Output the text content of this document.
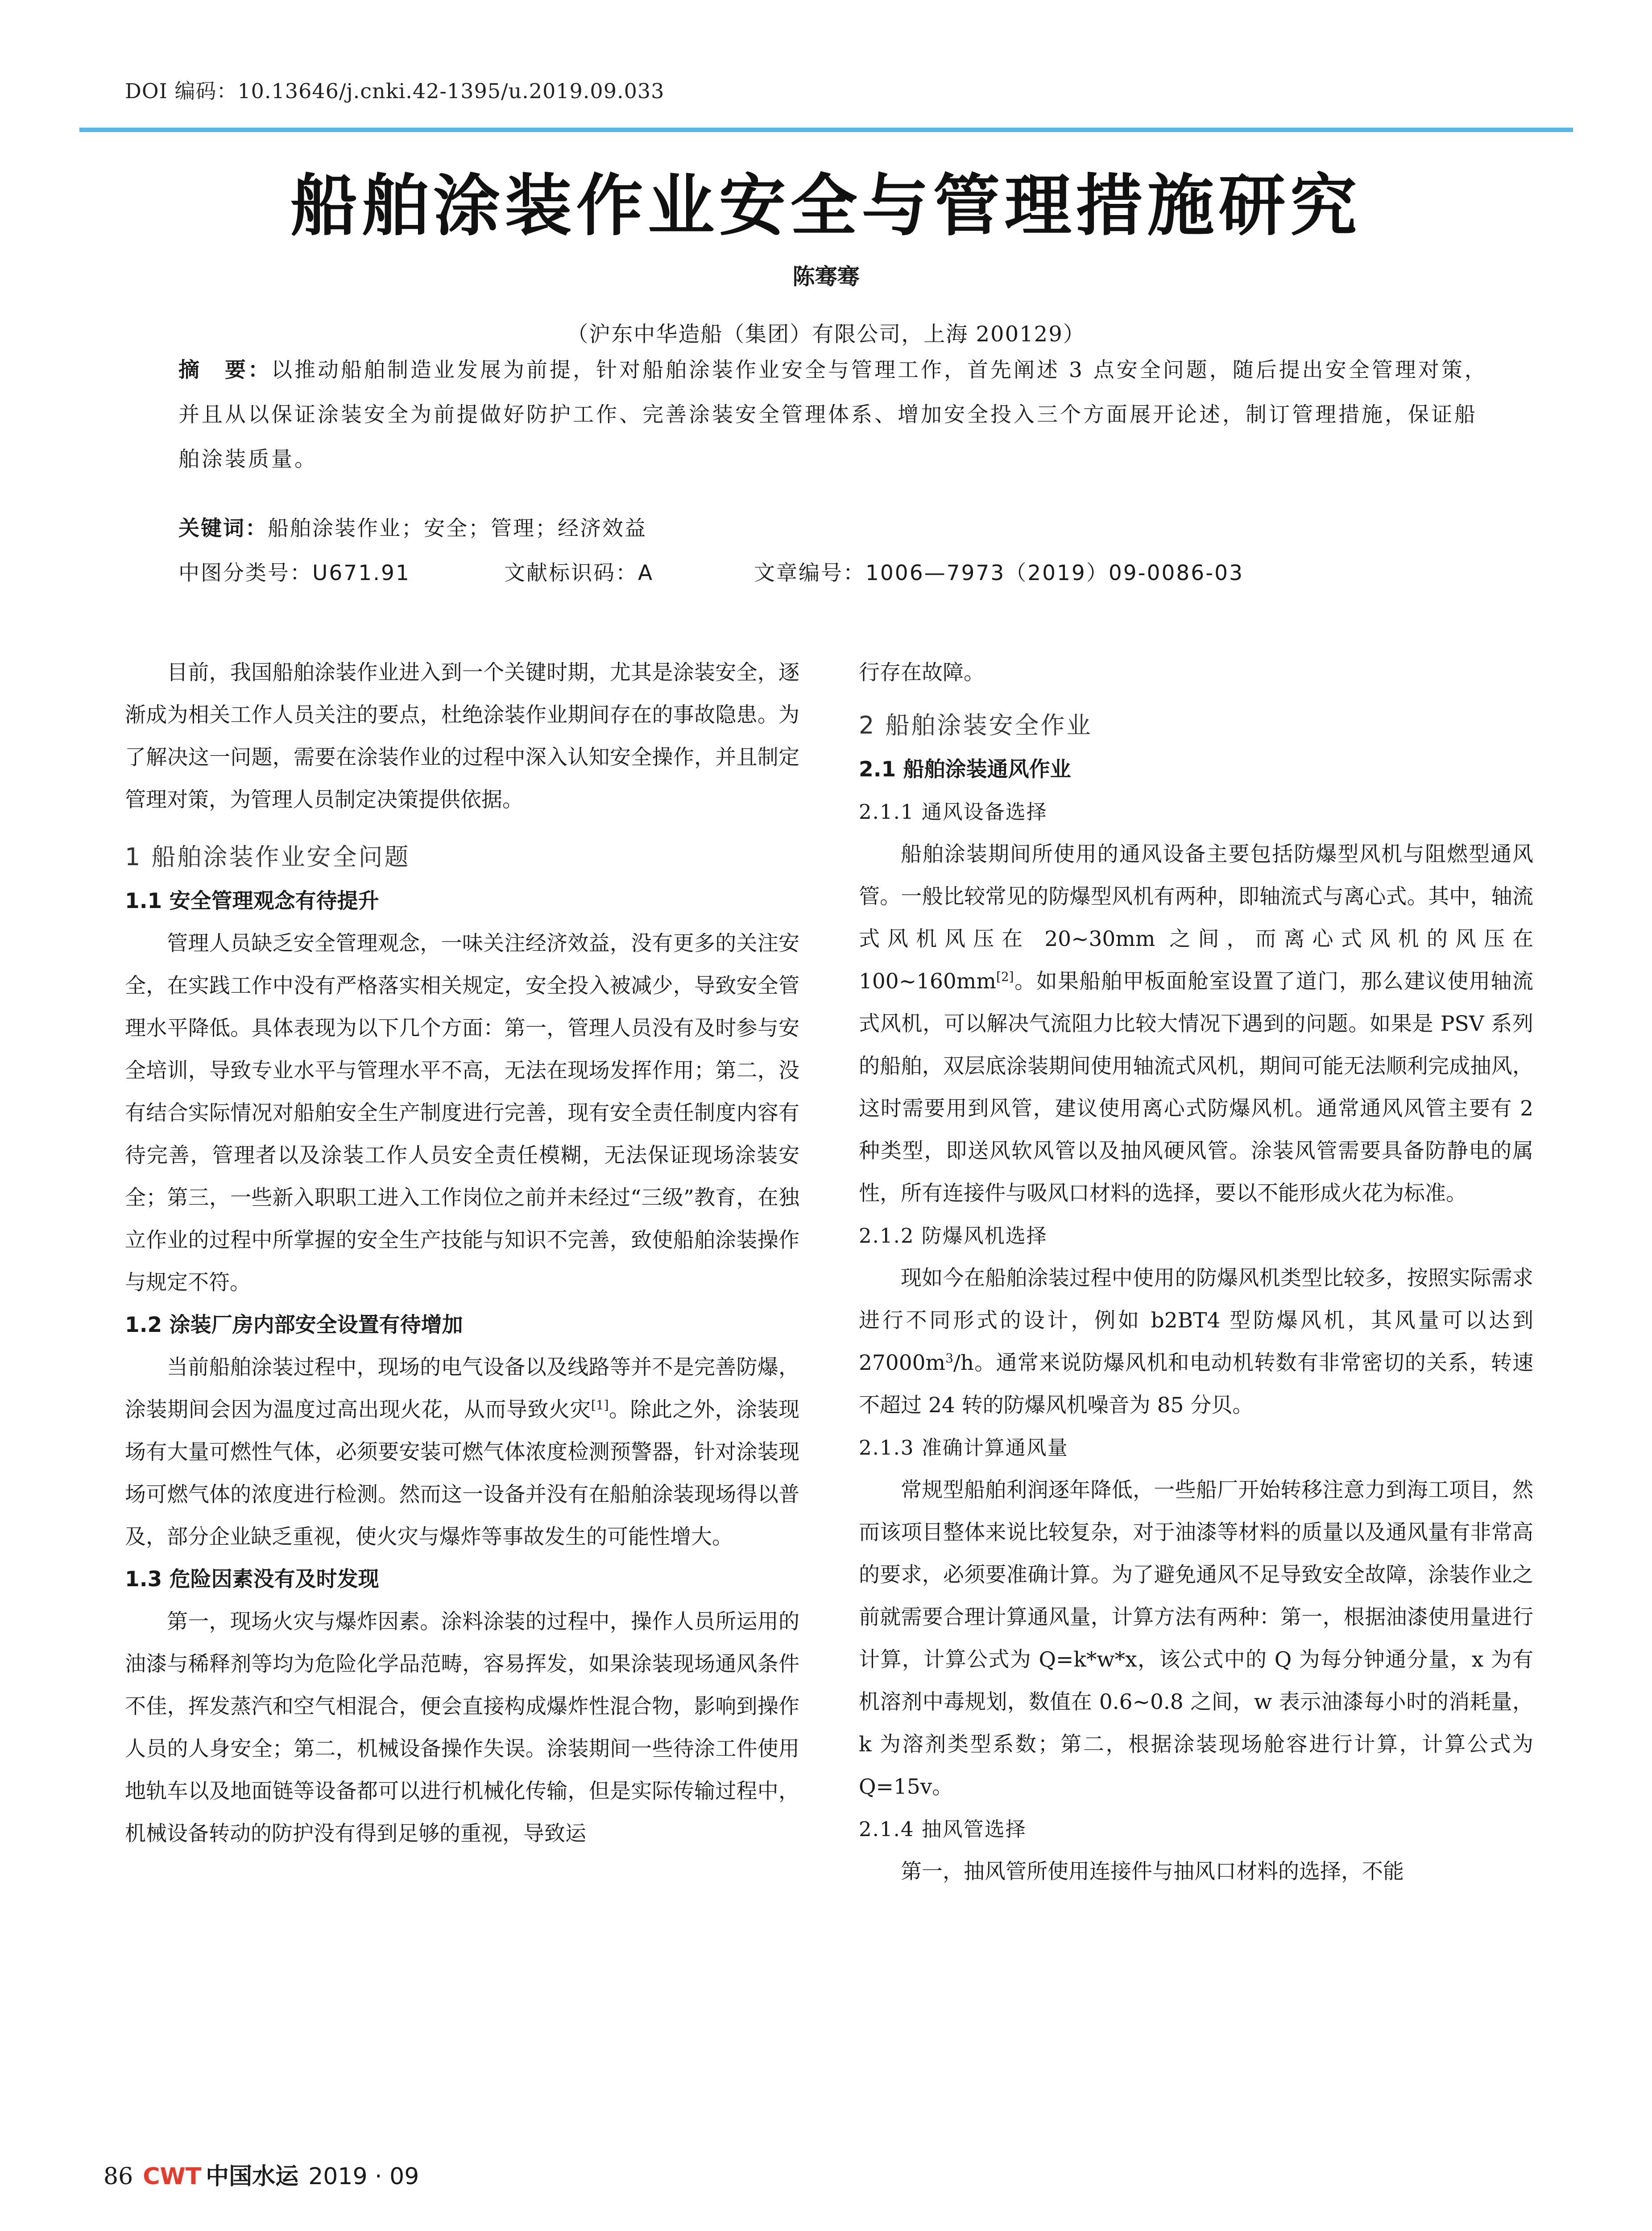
DOI 编码：10.13646/j.cnki.42-1395/u.2019.09.033
船舶涂装作业安全与管理措施研究
陈骞骞
（沪东中华造船（集团）有限公司，上海 200129）
摘　要：以推动船舶制造业发展为前提，针对船舶涂装作业安全与管理工作，首先阐述 3 点安全问题，随后提出安全管理对策，并且从以保证涂装安全为前提做好防护工作、完善涂装安全管理体系、增加安全投入三个方面展开论述，制订管理措施，保证船舶涂装质量。
关键词：船舶涂装作业；安全；管理；经济效益
中图分类号：U671.91	文献标识码：A	文章编号：1006—7973（2019）09-0086-03

目前，我国船舶涂装作业进入到一个关键时期，尤其是涂装安全，逐渐成为相关工作人员关注的要点，杜绝涂装作业期间存在的事故隐患。为了解决这一问题，需要在涂装作业的过程中深入认知安全操作，并且制定管理对策，为管理人员制定决策提供依据。

1 船舶涂装作业安全问题
1.1 安全管理观念有待提升

管理人员缺乏安全管理观念，一味关注经济效益，没有更多的关注安全，在实践工作中没有严格落实相关规定，安全投入被减少，导致安全管理水平降低。具体表现为以下几个方面：第一，管理人员没有及时参与安全培训，导致专业水平与管理水平不高，无法在现场发挥作用；第二，没有结合实际情况对船舶安全生产制度进行完善，现有安全责任制度内容有待完善，管理者以及涂装工作人员安全责任模糊，无法保证现场涂装安全；第三，一些新入职职工进入工作岗位之前并未经过“三级”教育，在独立作业的过程中所掌握的安全生产技能与知识不完善，致使船舶涂装操作与规定不符。

1.2 涂装厂房内部安全设置有待增加

当前船舶涂装过程中，现场的电气设备以及线路等并不是完善防爆，涂装期间会因为温度过高出现火花，从而导致火灾[1]。除此之外，涂装现场有大量可燃性气体，必须要安装可燃气体浓度检测预警器，针对涂装现场可燃气体的浓度进行检测。然而这一设备并没有在船舶涂装现场得以普及，部分企业缺乏重视，使火灾与爆炸等事故发生的可能性增大。

1.3 危险因素没有及时发现

第一，现场火灾与爆炸因素。涂料涂装的过程中，操作人员所运用的油漆与稀释剂等均为危险化学品范畴，容易挥发，如果涂装现场通风条件不佳，挥发蒸汽和空气相混合，便会直接构成爆炸性混合物，影响到操作人员的人身安全；第二，机械设备操作失误。涂装期间一些待涂工件使用地轨车以及地面链等设备都可以进行机械化传输，但是实际传输过程中，机械设备转动的防护没有得到足够的重视，导致运

行存在故障。

2 船舶涂装安全作业
2.1 船舶涂装通风作业
2.1.1 通风设备选择

船舶涂装期间所使用的通风设备主要包括防爆型风机与阻燃型通风管。一般比较常见的防爆型风机有两种，即轴流式与离心式。其中，轴流式风机风压在 20~30mm 之间，而离心式风机的风压在 100~160mm[2]。如果船舶甲板面舱室设置了道门，那么建议使用轴流式风机，可以解决气流阻力比较大情况下遇到的问题。如果是 PSV 系列的船舶，双层底涂装期间使用轴流式风机，期间可能无法顺利完成抽风，这时需要用到风管，建议使用离心式防爆风机。通常通风风管主要有 2 种类型，即送风软风管以及抽风硬风管。涂装风管需要具备防静电的属性，所有连接件与吸风口材料的选择，要以不能形成火花为标准。

2.1.2 防爆风机选择

现如今在船舶涂装过程中使用的防爆风机类型比较多，按照实际需求进行不同形式的设计，例如 b2BT4 型防爆风机，其风量可以达到 $27000m^3/h$。通常来说防爆风机和电动机转数有非常密切的关系，转速不超过 24 转的防爆风机噪音为 85 分贝。

2.1.3 准确计算通风量

常规型船舶利润逐年降低，一些船厂开始转移注意力到海工项目，然而该项目整体来说比较复杂，对于油漆等材料的质量以及通风量有非常高的要求，必须要准确计算。为了避免通风不足导致安全故障，涂装作业之前就需要合理计算通风量，计算方法有两种：第一，根据油漆使用量进行计算，计算公式为 Q=k*w*x，该公式中的 Q 为每分钟通分量，x 为有机溶剂中毒规划，数值在 0.6~0.8 之间，w 表示油漆每小时的消耗量，k 为溶剂类型系数；第二，根据涂装现场舱容进行计算，计算公式为 Q=15v。

2.1.4 抽风管选择

第一，抽风管所使用连接件与抽风口材料的选择，不能

86 CWT 中国水运 2019 · 09
